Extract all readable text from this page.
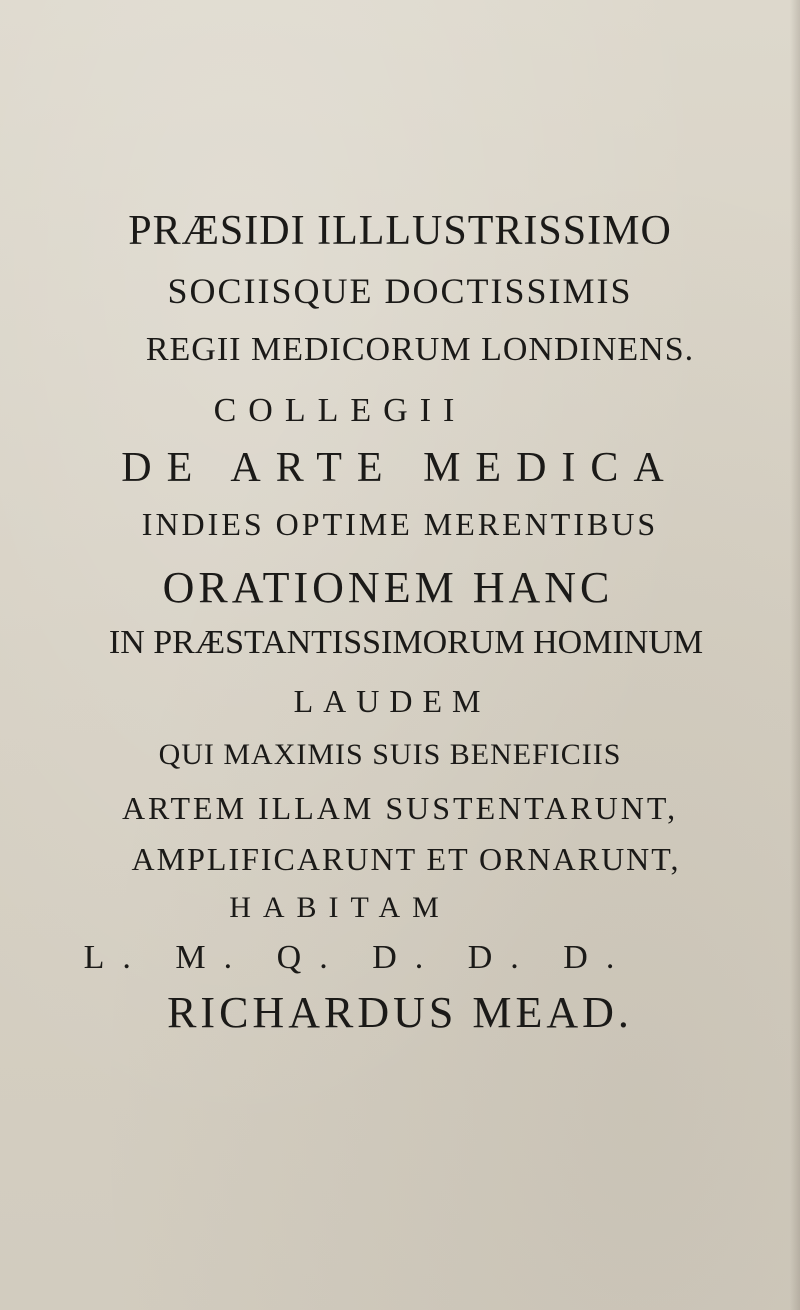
PRÆSIDI ILLLUSTRISSIMO

SOCIISQUE DOCTISSIMIS

REGII MEDICORUM LONDINENS.

COLLEGII

DE ARTE MEDICA

INDIES OPTIME MERENTIBUS

ORATIONEM HANC

IN PRÆSTANTISSIMORUM HOMINUM

LAUDEM

QUI MAXIMIS SUIS BENEFICIIS

ARTEM ILLAM SUSTENTARUNT,

AMPLIFICARUNT ET ORNARUNT,

HABITAM

L. M. Q. D. D. D.

RICHARDUS MEAD.
